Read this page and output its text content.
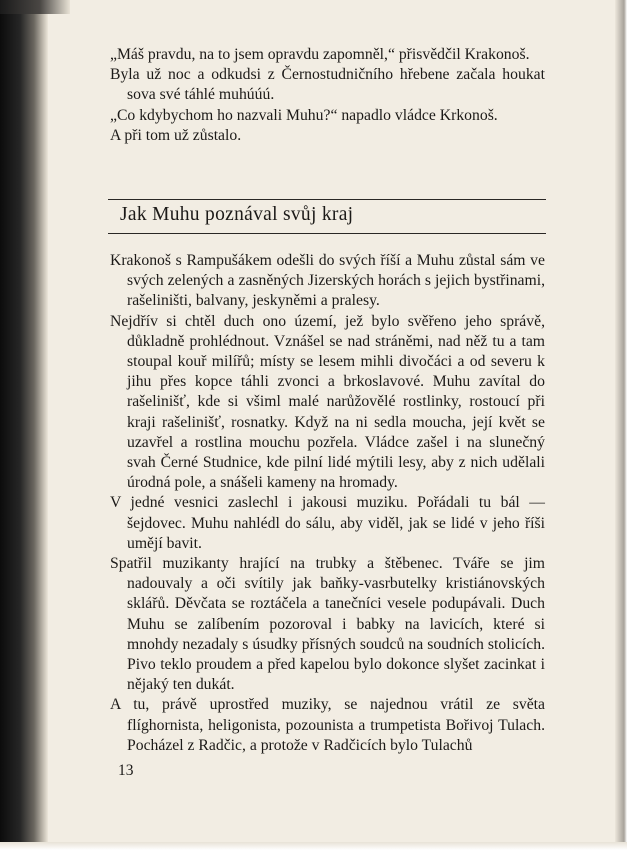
„Máš pravdu, na to jsem opravdu zapomněl,“ přisvědčil Krakonoš.

Byla už noc a odkudsi z Černostudničního hřebene začala houkat sova své táhlé muhúúú.

„Co kdybychom ho nazvali Muhu?“ napadlo vládce Krkonoš.

A při tom už zůstalo.

Jak Muhu poznával svůj kraj

Krakonoš s Rampušákem odešli do svých říší a Muhu zůstal sám ve svých zelených a zasněných Jizerských horách s jejich bystřinami, rašeliništi, balvany, jeskyněmi a pralesy.

Nejdřív si chtěl duch ono území, jež bylo svěřeno jeho správě, důkladně prohlédnout. Vznášel se nad stráněmi, nad něž tu a tam stoupal kouř milířů; místy se lesem mihli divočáci a od severu k jihu přes kopce táhli zvonci a brkoslavové. Muhu zavítal do rašelinišť, kde si všiml malé narůžovělé rostlinky, rostoucí při kraji rašelinišť, rosnatky. Když na ni sedla moucha, její květ se uzavřel a rostlina mouchu pozřela. Vládce zašel i na slunečný svah Černé Studnice, kde pilní lidé mýtili lesy, aby z nich udělali úrodná pole, a snášeli kameny na hromady.

V jedné vesnici zaslechl i jakousi muziku. Pořádali tu bál — šejdovec. Muhu nahlédl do sálu, aby viděl, jak se lidé v jeho říši umějí bavit.

Spatřil muzikanty hrající na trubky a štěbenec. Tváře se jim nadouvaly a oči svítily jak baňky-vasrbutelky kristiánovských sklářů. Děvčata se roztáčela a tanečníci vesele podupávali. Duch Muhu se zalíbením pozoroval i babky na lavicích, které si mnohdy nezadaly s úsudky přísných soudců na soudních stolicích. Pivo teklo proudem a před kapelou bylo dokonce slyšet zacinkat i nějaký ten dukát.

A tu, právě uprostřed muziky, se najednou vrátil ze světa flíghornista, heligonista, pozounista a trumpetista Bořivoj Tulach. Pocházel z Radčic, a protože v Radčicích bylo Tulachů

13
